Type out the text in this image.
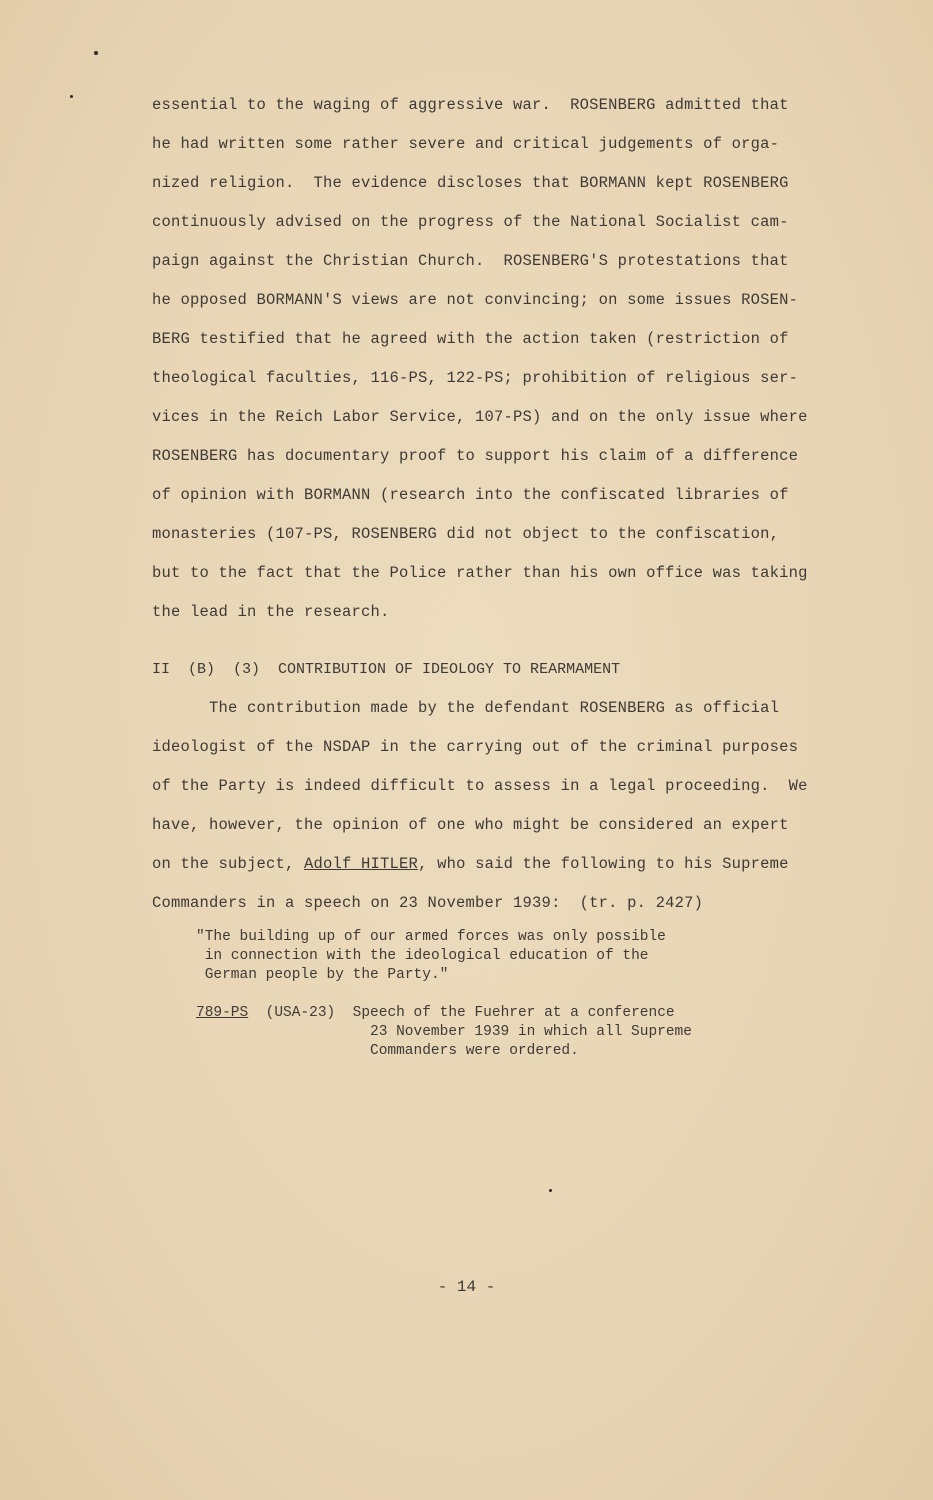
essential to the waging of aggressive war.  ROSENBERG admitted that
he had written some rather severe and critical judgements of orga-
nized religion.  The evidence discloses that BORMANN kept ROSENBERG
continuously advised on the progress of the National Socialist cam-
paign against the Christian Church.  ROSENBERG'S protestations that
he opposed BORMANN'S views are not convincing; on some issues ROSEN-
BERG testified that he agreed with the action taken (restriction of
theological faculties, 116-PS, 122-PS; prohibition of religious ser-
vices in the Reich Labor Service, 107-PS) and on the only issue where
ROSENBERG has documentary proof to support his claim of a difference
of opinion with BORMANN (research into the confiscated libraries of
monasteries (107-PS, ROSENBERG did not object to the confiscation,
but to the fact that the Police rather than his own office was taking
the lead in the research.
II  (B)  (3)  CONTRIBUTION OF IDEOLOGY TO REARMAMENT
The contribution made by the defendant ROSENBERG as official
ideologist of the NSDAP in the carrying out of the criminal purposes
of the Party is indeed difficult to assess in a legal proceeding.  We
have, however, the opinion of one who might be considered an expert
on the subject, Adolf HITLER, who said the following to his Supreme
Commanders in a speech on 23 November 1939:  (tr. p. 2427)
"The building up of our armed forces was only possible
in connection with the ideological education of the
German people by the Party."
789-PS  (USA-23)  Speech of the Fuehrer at a conference
23 November 1939 in which all Supreme
Commanders were ordered.
- 14 -
